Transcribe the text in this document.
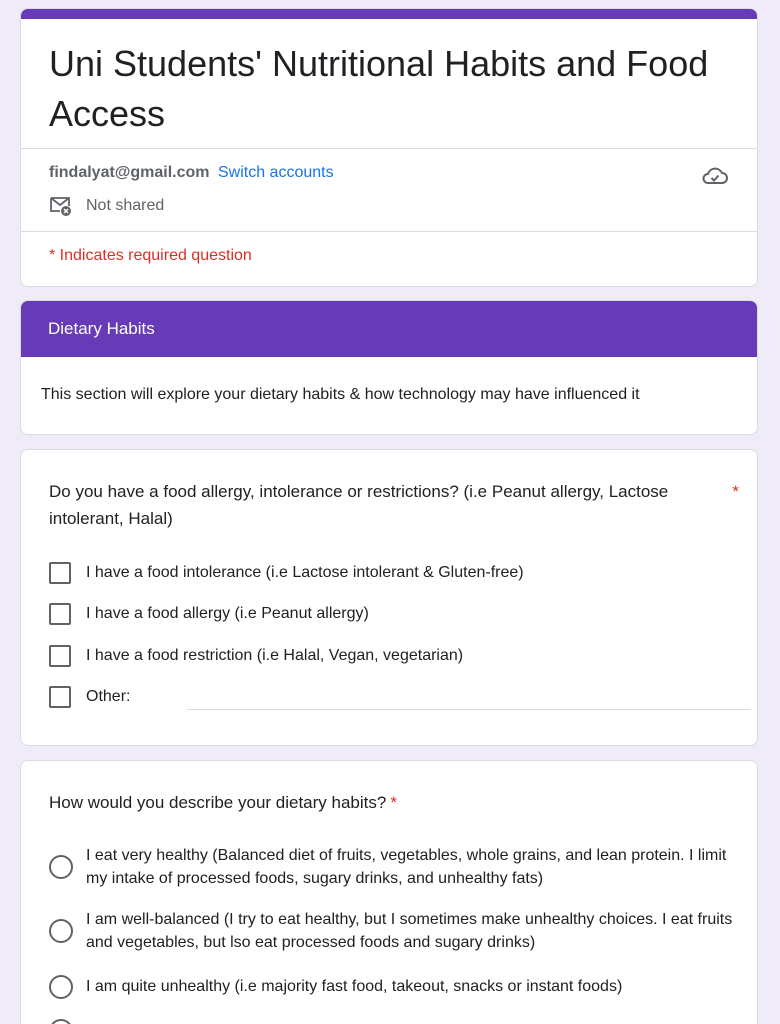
Uni Students' Nutritional Habits and Food Access
findalyat@gmail.com Switch accounts
Not shared
* Indicates required question
Dietary Habits
This section will explore your dietary habits & how technology may have influenced it
Do you have a food allergy, intolerance or restrictions? (i.e Peanut allergy, Lactose intolerant, Halal)
*
I have a food intolerance (i.e Lactose intolerant & Gluten-free)
I have a food allergy (i.e Peanut allergy)
I have a food restriction (i.e Halal, Vegan, vegetarian)
Other:
How would you describe your dietary habits? *
I eat very healthy (Balanced diet of fruits, vegetables, whole grains, and lean protein. I limit my intake of processed foods, sugary drinks, and unhealthy fats)
I am well-balanced (I try to eat healthy, but I sometimes make unhealthy choices. I eat fruits and vegetables, but lso eat processed foods and sugary drinks)
I am quite unhealthy (i.e majority fast food, takeout, snacks or instant foods)
